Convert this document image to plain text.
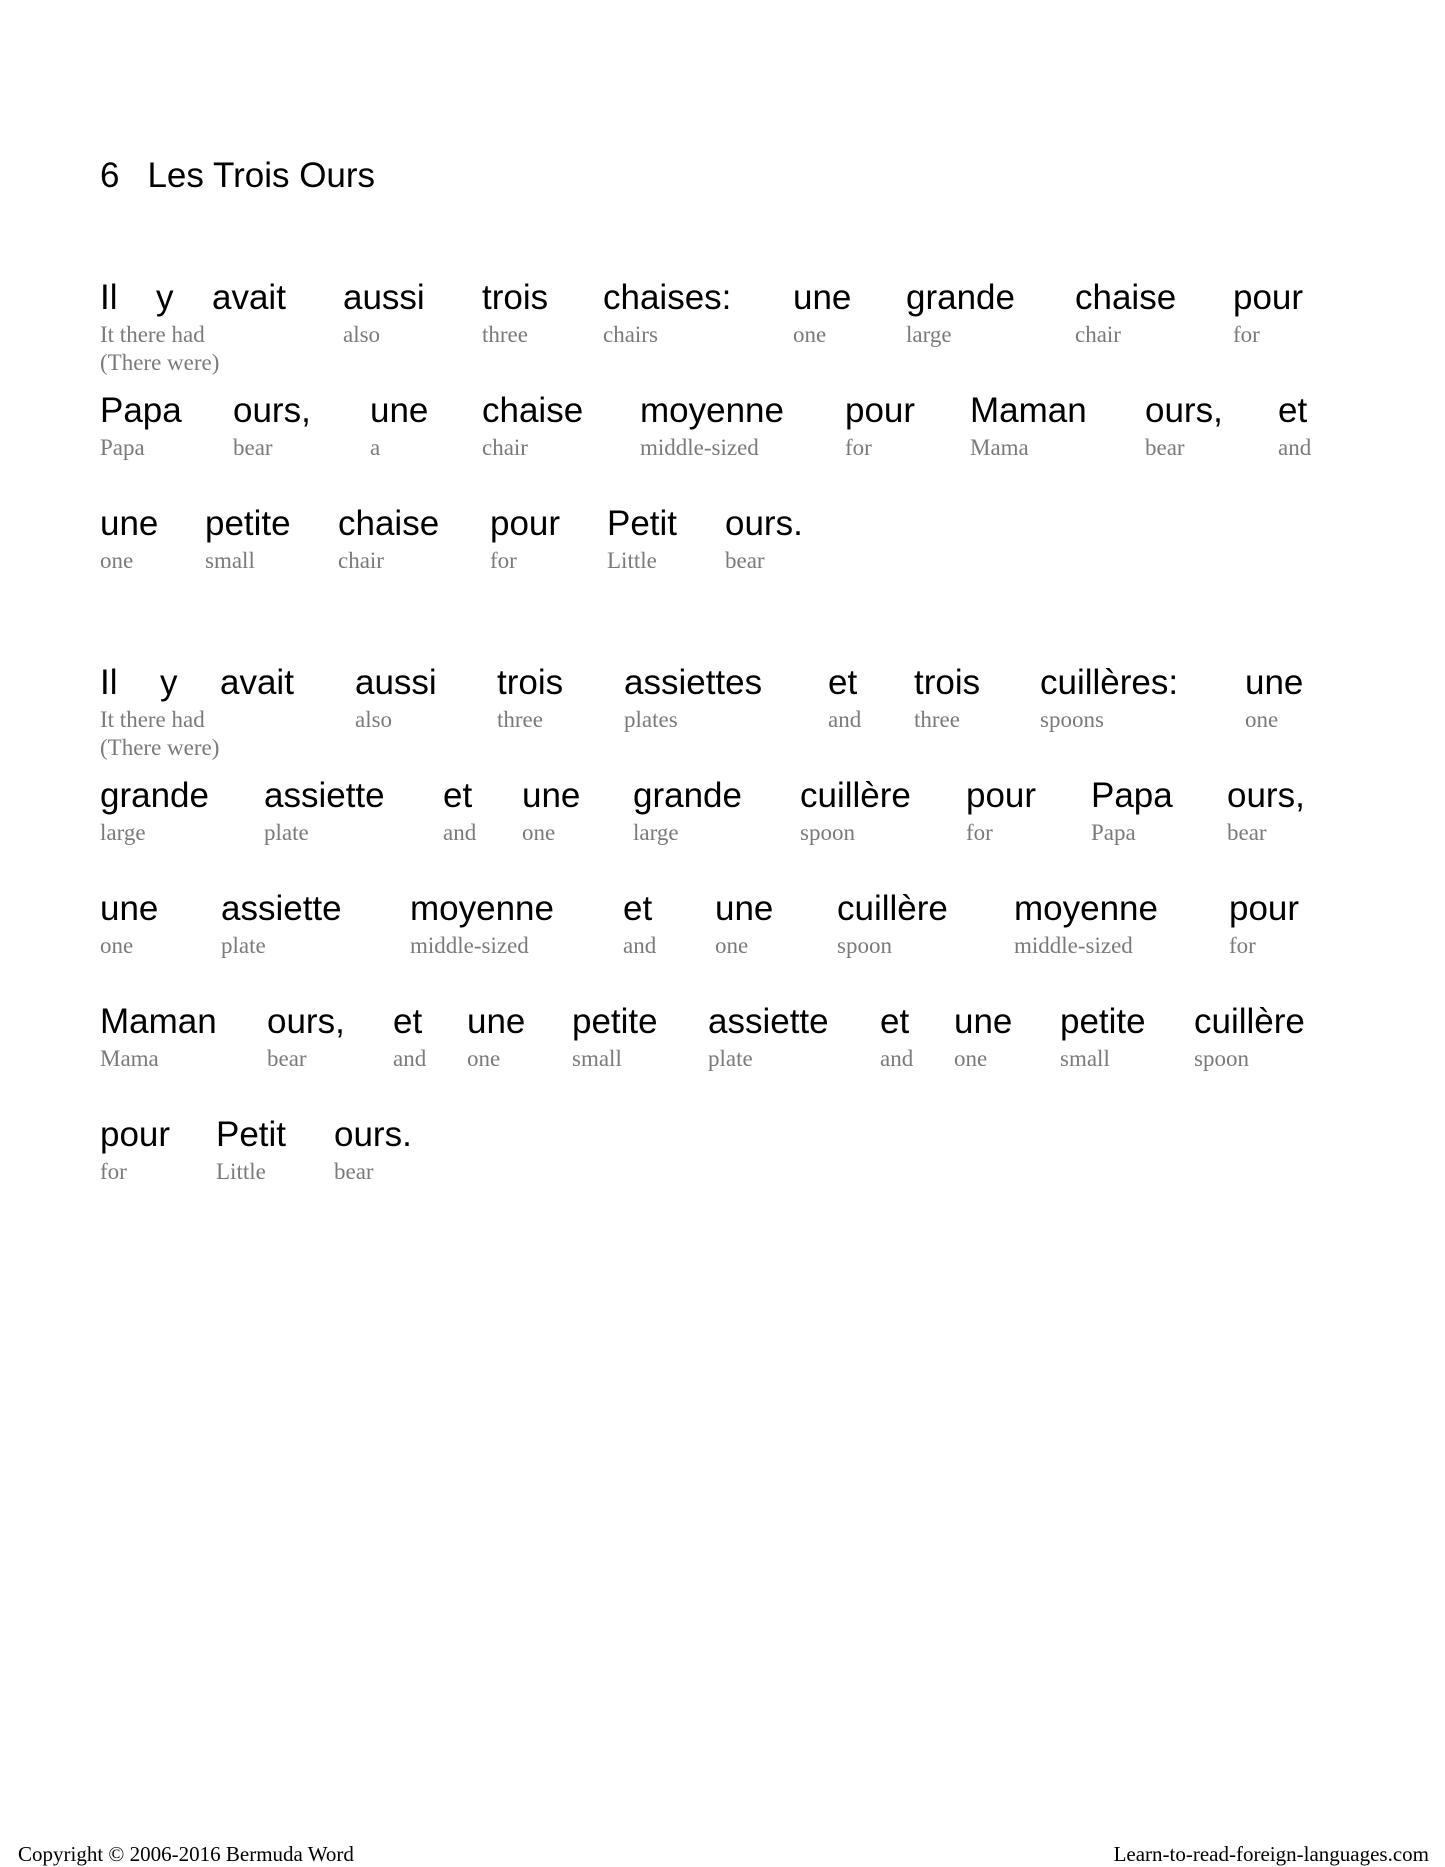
6 Les Trois Ours
Il
It there had
(There were)
y avait aussi
also
trois
three
chaises:
chairs
une
one
grande
large
chaise
chair
pour
for
Papa
Papa
ours,
bear
une
a
chaise
chair
moyenne
middle-sized
pour
for
Maman
Mama
ours,
bear
et
and
une
one
petite
small
chaise
chair
pour
for
Petit
Little
ours.
bear
Il
It there had
(There were)
y avait aussi
also
trois
three
assiettes
plates
et
and
trois
three
cuillères:
spoons
une
one
grande
large
assiette
plate
et
and
une
one
grande
large
cuillère
spoon
pour
for
Papa
Papa
ours,
bear
une
one
assiette
plate
moyenne
middle-sized
et
and
une
one
cuillère
spoon
moyenne
middle-sized
pour
for
Maman
Mama
ours,
bear
et
and
une
one
petite
small
assiette
plate
et
and
une
one
petite
small
cuillère
spoon
pour
for
Petit
Little
ours.
bear
Copyright © 2006-2016 Bermuda Word	Learn-to-read-foreign-languages.com
